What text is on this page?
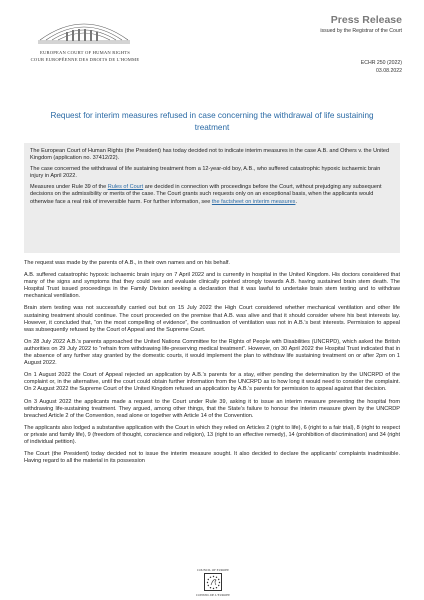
EUROPEAN COURT OF HUMAN RIGHTS
COUR EUROPÉENNE DES DROITS DE L'HOMME
Press Release
issued by the Registrar of the Court
ECHR 250 (2022)
03.08.2022
Request for interim measures refused in case concerning the withdrawal of life sustaining treatment

The European Court of Human Rights (the President) has today decided not to indicate interim measures in the case A.B. and Others v. the United Kingdom (application no. 37412/22).

The case concerned the withdrawal of life sustaining treatment from a 12-year-old boy, A.B., who suffered catastrophic hypoxic ischaemic brain injury in April 2022.

Measures under Rule 39 of the Rules of Court are decided in connection with proceedings before the Court, without prejudging any subsequent decisions on the admissibility or merits of the case. The Court grants such requests only on an exceptional basis, when the applicants would otherwise face a real risk of irreversible harm. For further information, see the factsheet on interim measures.

The request was made by the parents of A.B., in their own names and on his behalf.

A.B. suffered catastrophic hypoxic ischaemic brain injury on 7 April 2022 and is currently in hospital in the United Kingdom. His doctors considered that many of the signs and symptoms that they could see and evaluate clinically pointed strongly towards A.B. having sustained brain stem death. The Hospital Trust issued proceedings in the Family Division seeking a declaration that it was lawful to undertake brain stem testing and to withdraw mechanical ventilation.

Brain stem testing was not successfully carried out but on 15 July 2022 the High Court considered whether mechanical ventilation and other life sustaining treatment should continue. The court proceeded on the premise that A.B. was alive and that it should consider where his best interests lay. However, it concluded that, “on the most compelling of evidence”, the continuation of ventilation was not in A.B.’s best interests. Permission to appeal was subsequently refused by the Court of Appeal and the Supreme Court.

On 28 July 2022 A.B.’s parents approached the United Nations Committee for the Rights of People with Disabilities (UNCRPD), which asked the British authorities on 29 July 2022 to “refrain from withdrawing life-preserving medical treatment”. However, on 30 April 2022 the Hospital Trust indicated that in the absence of any further stay granted by the domestic courts, it would implement the plan to withdraw life sustaining treatment on or after 2pm on 1 August 2022.

On 1 August 2022 the Court of Appeal rejected an application by A.B.’s parents for a stay, either pending the determination by the UNCRPD of the complaint or, in the alternative, until the court could obtain further information from the UNCRPD as to how long it would need to consider the complaint. On 2 August 2022 the Supreme Court of the United Kingdom refused an application by A.B.’s parents for permission to appeal against that decision.

On 3 August 2022 the applicants made a request to the Court under Rule 39, asking it to issue an interim measure preventing the hospital from withdrawing life-sustaining treatment. They argued, among other things, that the State’s failure to honour the interim measure given by the UNCRDP breached Article 2 of the Convention, read alone or together with Article 14 of the Convention.

The applicants also lodged a substantive application with the Court in which they relied on Articles 2 (right to life), 6 (right to a fair trial), 8 (right to respect or private and family life), 9 (freedom of thought, conscience and religion), 13 (right to an effective remedy), 14 (prohibition of discrimination) and 34 (right of individual petition).

The Court (the President) today decided not to issue the interim measure sought. It also decided to declare the applicants’ complaints inadmissible. Having regard to all the material in its possession

COUNCIL OF EUROPE
CONSEIL DE L'EUROPE
